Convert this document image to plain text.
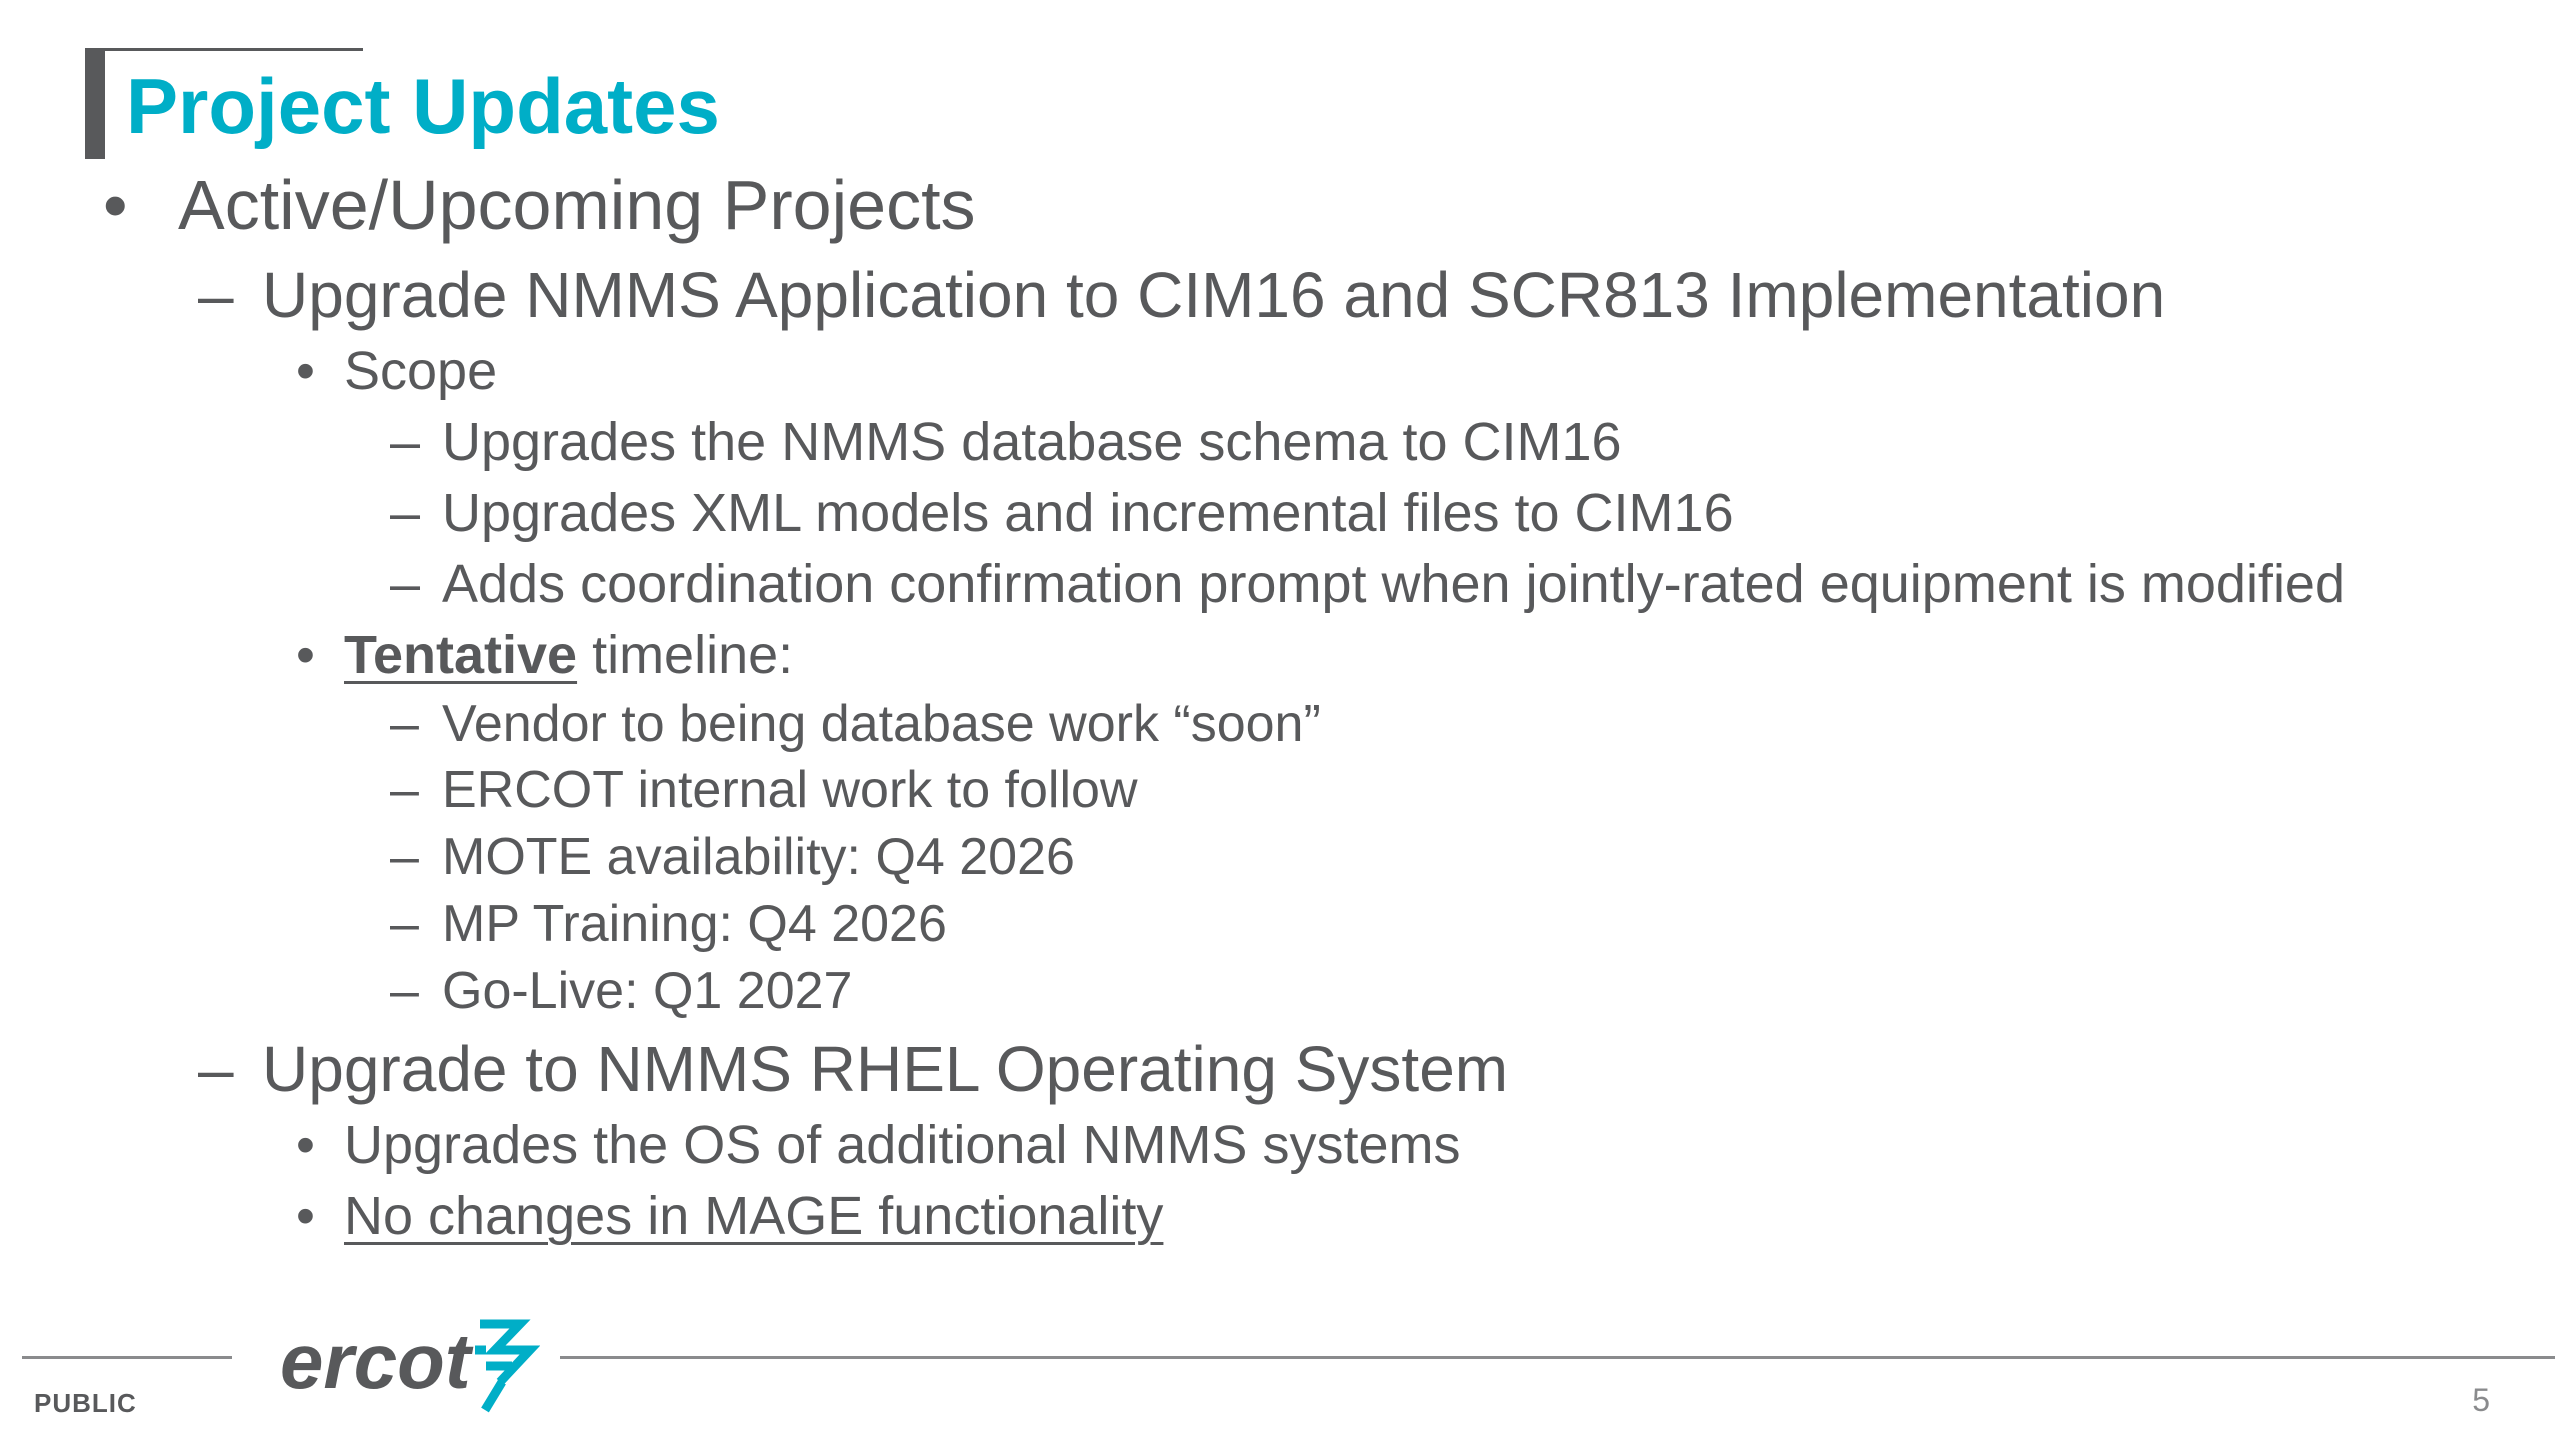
Project Updates
• Active/Upcoming Projects
– Upgrade NMMS Application to CIM16 and SCR813 Implementation
• Scope
– Upgrades the NMMS database schema to CIM16
– Upgrades XML models and incremental files to CIM16
– Adds coordination confirmation prompt when jointly-rated equipment is modified
• Tentative timeline:
– Vendor to being database work “soon”
– ERCOT internal work to follow
– MOTE availability: Q4 2026
– MP Training: Q4 2026
– Go-Live: Q1 2027
– Upgrade to NMMS RHEL Operating System
• Upgrades the OS of additional NMMS systems
• No changes in MAGE functionality
PUBLIC	5
ercot
